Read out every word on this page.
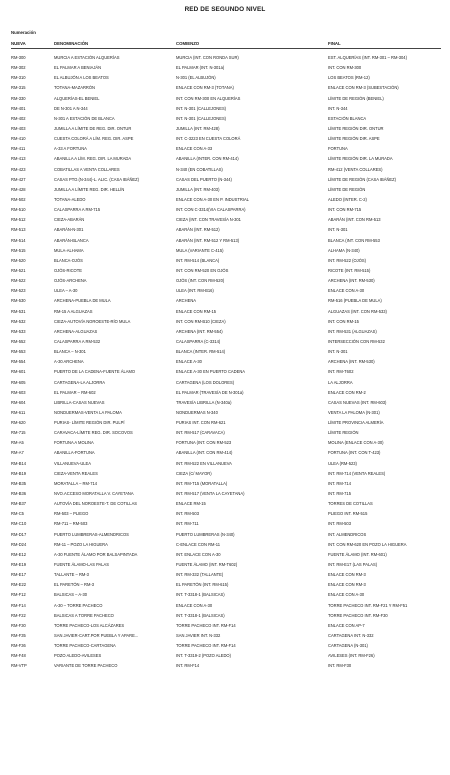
RED DE SEGUNDO NIVEL
Numeración
NUEVA	DENOMINACIÓN	COMIENZO	FINAL
RM-300	MURCIA A ESTACIÓN ALQUERÍAS	MURCIA (INT. CON RONDA SUR)	EST. ALQUERÍAS (INT. RM-301 – RM-304)
RM-302	EL PALMAR A BENIAJÁN	EL PALMAR (INT. N-301a)	INT. CON RM-300
RM-310	EL ALBUJÓN A LOS BEATOS	N-301 (EL ALBUJÓN)	LOS BEATOS (RM-12)
RM-315	TOTANA-MAZARRÓN	ENLACE CON RM-3 (TOTANA)	ENLACE CON RM-3 (SUBESTACIÓN)
RM-330	ALQUERÍAS-EL BENIEL	INT. CON RM-300 EN ALQUERÍAS	LÍMITE DE REGIÓN (BENIEL)
RM-401	DE N-301 A N-344	INT. N-301 (CALLEJONES)	INT. N-344
RM-402	N-301 A ESTACIÓN DE BLANCA	INT. N-301 (CALLEJONES)	ESTACIÓN BLANCA
RM-403	JUMILLA A LÍMITE DE REG. DIR. ONTUR	JUMILLA (INT. RM-428)	LÍMITE REGIÓN DIR. ONTUR
RM-410	CUESTA COLORÁ A LÍM. REG. DIR. ASPE	INT. C-3223 EN CUESTA COLORÁ	LÍMITE REGIÓN DIR. ASPE
RM-411	A-33 A FORTUNA	ENLACE CON A-33	FORTUNA
RM-413	ABANILLA A LÍM. REG. DIR. LA MURADA	ABANILLA (INTER. CON RM-414)	LÍMITE REGIÓN DIR. LA MURADA
RM-423	COBATILLAS A VENTA COLLARES	N-340 (EN COBATILLAS)	RM-412 (VENTA COLLARES)
RM-427	CASAS PTO.(N-344)-L. ALIC. (CASA IBÁÑEZ)	CASAS DEL PUERTO (N-344)	LÍMITE DE REGIÓN (CASA IBÁÑEZ)
RM-428	JUMILLA A LÍMITE REG. DIR. HELLÍN	JUMILLA (INT. RM-403)	LÍMITE DE REGIÓN
RM-502	TOTANA-ALEDO	ENLACE CON A-30 EN P. INDUSTRIAL	ALEDO (INTER. C-2)
RM-510	CALASPARRA A RM-715	INT. CON C-3314(VIA CALASPARRA)	INT. CON RM-715
RM-512	CIEZA-ABARÁN	CIEZA (INT. CON TRAVESÍA N-301	ABARÁN (INT. CON RM-513
RM-513	ABARÁN-N-301	ABARÁN (INT. RM-512)	INT. N-301
RM-514	ABARÁN-BLANCA	ABARÁN (INT. RM-512 Y RM-513)	BLANCA (INT. CON RM-553
RM-515	MULA-ALHAMA	MULA (VARIANTE C-415)	ALHAMA (N-340)
RM-520	BLANCA-OJÓS	INT. RM-514 (BLANCA)	INT. RM-522 (OJÓS)
RM-521	OJÓS-RICOTE	INT. CON RM-520 EN OJÓS	RICOTE (INT. RM-515)
RM-522	OJÓS-ARCHENA	OJÓS (INT. CON RM-520)	ARCHENA (INT. RM-530)
RM-523	ULEA – A-30	ULEA (INT. RM-B16)	ENLACE CON A-30
RM-530	ARCHENA-PUEBLA DE MULA	ARCHENA	RM-516 (PUEBLA DE MULA)
RM-531	RM-15 A ALGUAZAS	ENLACE CON RM-15	ALGUAZAS (INT. CON RM-533)
RM-532	CIEZA-AUTOVÍA NOROESTE-RÍO MULA	INT. CON RM-B10 (CIEZA)	INT. CON RM-15
RM-533	ARCHENA-ALGUAZAS	ARCHENA (INT. RM-554)	INT. RM-531 (ALGUAZAS)
RM-552	CALASPARRA A RM-532	CALASPARRA (C-3314)	INTERSECCIÓN CON RM-532
RM-553	BLANCA – N-301	BLANCA (INTER. RM-514)	INT. N-301
RM-554	A-30 ARCHENA	ENLACE A-30	ARCHENA (INT. RM-530)
RM-601	PUERTO DE LA CADENA-FUENTE ÁLAMO	ENLACE A-30 EN PUERTO CADENA	INT. RM-T602
RM-605	CARTAGENA-LA ALJORRA	CARTAGENA (LOS DOLORES)	LA ALJORRA
RM-603	EL PALMAR – RM-602	EL PALMAR (TRAVESÍA DE N-301a)	ENLACE CON RM-2
RM-604	LIBRILLA-CASAS NUEVAS	TRAVESÍA LIBRILLA (N-340a)	CASAS NUEVAS (INT. RM-603)
RM-611	NONDUERMAS-VENTA LA PALOMA	NONDUERMAS N-340	VENTA LA PALOMA (N-301)
RM-620	PURIAS- LÍMITE REGIÓN DIR. PULPÍ	PURIAS INT. CON RM-621	LÍMITE PROVINCIA ALMERÍA
RM-715	CARAVACA-LÍMITE REG. DIR. SOCOVOS	INT. RM-517 (CARAVACA)	LÍMITE REGIÓN
RM-A5	FORTUNA A MOLINA	FORTUNA (INT. CON RM-523	MOLINA (ENLACE CON A-30)
RM-A7	ABANILLA-FORTUNA	ABANILLA (INT. CON RM-414)	FORTUNA (INT. CON T-423)
RM-B14	VILLANUEVA-ULEA	INT. RM-522 EN VILLANUEVA	ULEA (RM-523)
RM-B19	CIEZA-VENTA REALES	CIEZA (C/ MAYOR)	INT. RM-714 (VENTA REALES)
RM-B35	MORATALLA – RM-714	INT. RM-T15 (MORATALLA)	INT. RM-714
RM-B36	NVO.ACCESO MORATALLA V. CAYETANA	INT. RM-517 (VENTA LA CAYETANA)	INT. RM-715
RM-B37	AUTOVÍA DEL NOROESTE-T. DE COTILLAS	ENLACE RM-15	TORRES DE COTILLAS
RM-C5	RM-503 – PLIEGO	INT. RM-503	PLIEGO INT. RM-515
RM-C10	RM-711 – RM-503	INT. RM-711	INT. RM-503
RM-D17	PUERTO LUMBRERAS-ALMENDRICOS	PUERTO LUMBRERAS (N-340)	INT. ALMENDRICOS
RM-D24	RM-11 – POZO LA HIGUERA	C-ENLACE CON RM-11	INT. CON RM-620 EN POZO LA HIGUERA
RM-E12	A-30 FUENTE ÁLAMO POR BALSAPINTADA	INT. ENLACE CON A-30	FUENTE ÁLAMO (INT. RM-601)
RM-E19	FUENTE ÁLAMO-LAS PALAS	FUENTE ÁLAMO (INT. RM-T602)	INT. RM-E17 (LAS PALAS)
RM-E17	TALLANTE – RM-3	INT. RM-332 (TALLANTE)	ENLACE CON RM-3
RM-E22	EL PARETÓN – RM-3	EL PARETÓN (INT. RM-615)	ENLACE CON RM-3
RM-F12	BALSICAS – A-30	INT. T-3318-1 (BALSICAS)	ENLACE CON A-30
RM-F14	A-30 – TORRE PACHECO	ENLACE CON A-30	TORRE PACHECO INT. RM-F21 Y RM-F51
RM-F22	BALSICAS A TORRE PACHECO	INT. T-3318-1 (BALSICAS)	TORRE PACHECO INT. RM-F30
RM-F30	TORRE PACHECO-LOS ALCÁZARES	TORRE PACHECO INT. RM-F14	ENLACE CON AP-7
RM-F35	SAN JAVIER-CART.POR PUEBLA Y APARE...	SAN JAVIER INT. N-332	CARTAGENA INT. N-332
RM-F36	TORRE PACHECO-CARTAGENA	TORRE PACHECO INT. RM-F14	CARTAGENA (N-301)
RM-F48	POZO ALEDO-AVILESES	INT. T-3319-2 (POZO ALEDO)	AVILESES (INT. RM-F26)
RM-VTP	VARIANTE DE TORRE PACHECO	INT. RM-F14	INT. RM-F30
